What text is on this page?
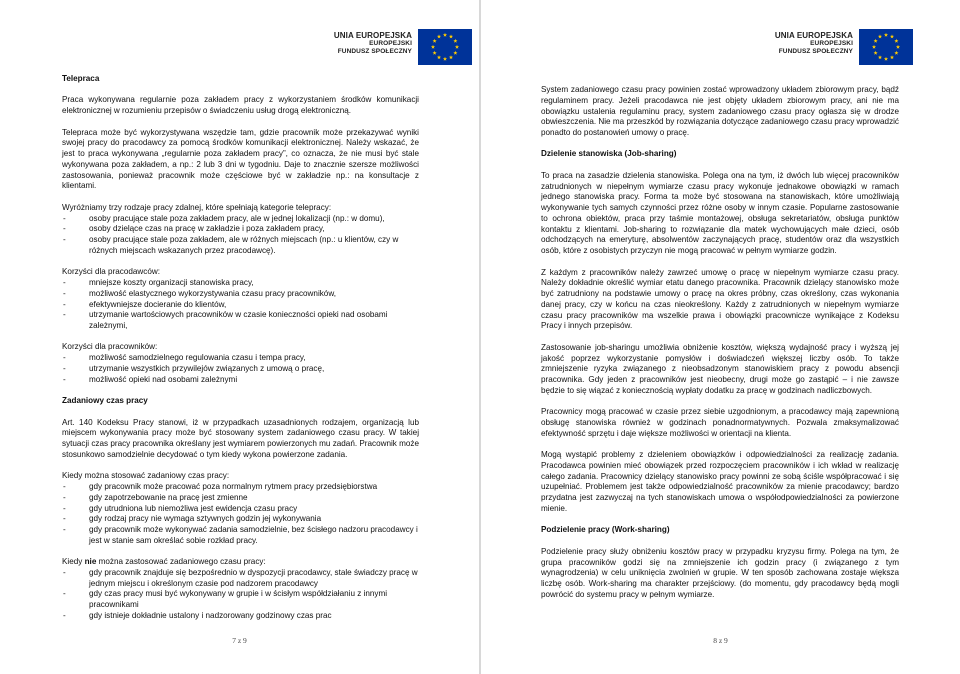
UNIA EUROPEJSKA
EUROPEJSKI
FUNDUSZ SPOŁECZNY
Telepraca

Praca wykonywana regularnie poza zakładem pracy z wykorzystaniem środków komunikacji elektronicznej w rozumieniu przepisów o świadczeniu usług drogą elektroniczną.

Telepraca może być wykorzystywana wszędzie tam, gdzie pracownik może przekazywać wyniki swojej pracy do pracodawcy za pomocą środków komunikacji elektronicznej. Należy wskazać, że jest to praca wykonywana „regularnie poza zakładem pracy”, co oznacza, że nie musi być stale wykonywana poza zakładem, a np.: 2 lub 3 dni w tygodniu. Daje to znacznie szersze możliwości zastosowania, ponieważ pracownik może częściowe być w zakładzie np.: na konsultacje z klientami.

Wyróżniamy trzy rodzaje pracy zdalnej, które spełniają kategorie telepracy:
- osoby pracujące stale poza zakładem pracy, ale w jednej lokalizacji (np.: w domu),
- osoby dzielące czas na pracę w zakładzie i poza zakładem pracy,
- osoby pracujące stale poza zakładem, ale w różnych miejscach (np.: u klientów, czy w różnych miejscach wskazanych przez pracodawcę).
Korzyści dla pracodawców:
- mniejsze koszty organizacji stanowiska pracy,
- możliwość elastycznego wykorzystywania czasu pracy pracowników,
- efektywniejsze docieranie do klientów,
- utrzymanie wartościowych pracowników w czasie konieczności opieki nad osobami zależnymi,
Korzyści dla pracowników:
- możliwość samodzielnego regulowania czasu i tempa pracy,
- utrzymanie wszystkich przywilejów związanych z umową o pracę,
- możliwość opieki nad osobami zależnymi
Zadaniowy czas pracy

Art. 140 Kodeksu Pracy stanowi, iż w przypadkach uzasadnionych rodzajem, organizacją lub miejscem wykonywania pracy może być stosowany system zadaniowego czasu pracy. W takiej sytuacji czas pracy pracownika określany jest wymiarem powierzonych mu zadań. Pracownik może stosunkowo samodzielnie decydować o tym kiedy wykona powierzone zadania.

Kiedy można stosować zadaniowy czas pracy:
- gdy pracownik może pracować poza normalnym rytmem pracy przedsiębiorstwa
- gdy zapotrzebowanie na pracę jest zmienne
- gdy utrudniona lub niemożliwa jest ewidencja czasu pracy
- gdy rodzaj pracy nie wymaga sztywnych godzin jej wykonywania
- gdy pracownik może wykonywać zadania samodzielnie, bez ścisłego nadzoru pracodawcy i jest w stanie sam określać sobie rozkład pracy.
Kiedy nie można zastosować zadaniowego czasu pracy:
- gdy pracownik znajduje się bezpośrednio w dyspozycji pracodawcy, stale świadczy pracę w jednym miejscu i określonym czasie pod nadzorem pracodawcy
- gdy czas pracy musi być wykonywany w grupie i w ścisłym współdziałaniu z innymi pracownikami
- gdy istnieje dokładnie ustalony i nadzorowany godzinowy czas prac
7 z 9
UNIA EUROPEJSKA
EUROPEJSKI
FUNDUSZ SPOŁECZNY

System zadaniowego czasu pracy powinien zostać wprowadzony układem zbiorowym pracy, bądź regulaminem pracy. Jeżeli pracodawca nie jest objęty układem zbiorowym pracy, ani nie ma obowiązku ustalenia regulaminu pracy, system zadaniowego czasu pracy ogłasza się w drodze obwieszczenia. Nie ma przeszkód by rozwiązania dotyczące zadaniowego czasu pracy wprowadzić ponadto do postanowień umowy o pracę.

Dzielenie stanowiska (Job-sharing)

To praca na zasadzie dzielenia stanowiska. Polega ona na tym, iż dwóch lub więcej pracowników zatrudnionych w niepełnym wymiarze czasu pracy wykonuje jednakowe obowiązki w ramach jednego stanowiska pracy. Forma ta może być stosowana na stanowiskach, które umożliwiają wykonywanie tych samych czynności przez różne osoby w innym czasie. Popularne zastosowanie to ochrona obiektów, praca przy taśmie montażowej, obsługa sekretariatów, obsługa punktów kontaktu z klientami. Job-sharing to rozwiązanie dla matek wychowujących małe dzieci, osób odchodzących na emeryturę, absolwentów zaczynających pracę, studentów oraz dla wszystkich osób, które z osobistych przyczyn nie mogą pracować w pełnym wymiarze godzin.

Z każdym z pracowników należy zawrzeć umowę o pracę w niepełnym wymiarze czasu pracy. Należy dokładnie określić wymiar etatu danego pracownika. Pracownik dzielący stanowisko może być zatrudniony na podstawie umowy o pracę na okres próbny, czas określony, czas wykonania danej pracy, czy w końcu na czas nieokreślony. Każdy z zatrudnionych w niepełnym wymiarze czasu pracy pracowników ma wszelkie prawa i obowiązki pracownicze wynikające z Kodeksu Pracy i innych przepisów.

Zastosowanie job-sharingu umożliwia obniżenie kosztów, większą wydajność pracy i wyższą jej jakość poprzez wykorzystanie pomysłów i doświadczeń większej liczby osób. To także zmniejszenie ryzyka związanego z nieobsadzonym stanowiskiem pracy z powodu absencji pracownika. Gdy jeden z pracowników jest nieobecny, drugi może go zastąpić – i nie zawsze będzie to się wiązać z koniecznością wypłaty dodatku za pracę w godzinach nadliczbowych.

Pracownicy mogą pracować w czasie przez siebie uzgodnionym, a pracodawcy mają zapewnioną obsługę stanowiska również w godzinach ponadnormatywnych. Pozwala zmaksymalizować efektywność sprzętu i daje większe możliwości w orientacji na klienta.

Mogą wystąpić problemy z dzieleniem obowiązków i odpowiedzialności za realizację zadania. Pracodawca powinien mieć obowiązek przed rozpoczęciem pracowników i ich wkład w realizację całego zadania. Pracownicy dzielący stanowisko pracy powinni ze sobą ściśle współpracować i się uzupełniać. Problemem jest także odpowiedzialność pracowników za mienie pracodawcy; bardzo przydatna jest zazwyczaj na tych stanowiskach umowa o współodpowiedzialności za powierzone mienie.

Podzielenie pracy (Work-sharing)

Podzielenie pracy służy obniżeniu kosztów pracy w przypadku kryzysu firmy. Polega na tym, że grupa pracowników godzi się na zmniejszenie ich godzin pracy (i związanego z tym wynagrodzenia) w celu uniknięcia zwolnień w grupie. W ten sposób zachowana zostaje większa liczbę osób. Work-sharing ma charakter przejściowy. (do momentu, gdy pracodawcy będą mogli powrócić do systemu pracy w pełnym wymiarze.

8 z 9
